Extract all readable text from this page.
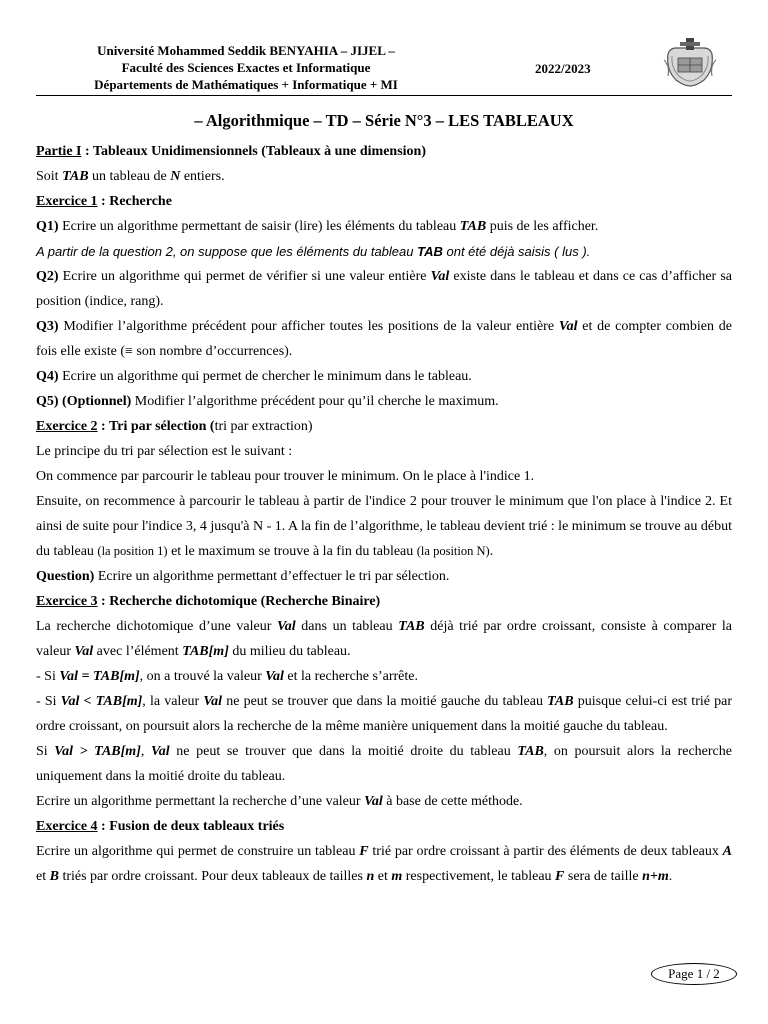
Université Mohammed Seddik BENYAHIA – JIJEL –
Faculté des Sciences Exactes et Informatique
Départements de Mathématiques + Informatique + MI
2022/2023
– Algorithmique – TD – Série N°3 – LES TABLEAUX

Partie I : Tableaux Unidimensionnels (Tableaux à une dimension)

Soit TAB un tableau de N entiers.

Exercice 1 : Recherche

Q1) Ecrire un algorithme permettant de saisir (lire) les éléments du tableau TAB puis de les afficher.

A partir de la question 2, on suppose que les éléments du tableau TAB ont été déjà saisis ( lus ).

Q2) Ecrire un algorithme qui permet de vérifier si une valeur entière Val existe dans le tableau et dans ce cas d’afficher sa position (indice, rang).

Q3) Modifier l’algorithme précédent pour afficher toutes les positions de la valeur entière Val et de compter combien de fois elle existe (≡ son nombre d’occurrences).

Q4) Ecrire un algorithme qui permet de chercher le minimum dans le tableau.

Q5) (Optionnel) Modifier l’algorithme précédent pour qu’il cherche le maximum.

Exercice 2 : Tri par sélection (tri par extraction)

Le principe du tri par sélection est le suivant :

On commence par parcourir le tableau pour trouver le minimum. On le place à l'indice 1.

Ensuite, on recommence à parcourir le tableau à partir de l'indice 2 pour trouver le minimum que l'on place à l'indice 2. Et ainsi de suite pour l'indice 3, 4 jusqu'à N - 1. A la fin de l’algorithme, le tableau devient trié : le minimum se trouve au début du tableau (la position 1) et le maximum se trouve à la fin du tableau (la position N).

Question) Ecrire un algorithme permettant d’effectuer le tri par sélection.

Exercice 3 : Recherche dichotomique (Recherche Binaire)

La recherche dichotomique d’une valeur Val dans un tableau TAB déjà trié par ordre croissant, consiste à comparer la valeur Val avec l’élément TAB[m] du milieu du tableau.

- Si Val = TAB[m], on a trouvé la valeur Val et la recherche s’arrête.

- Si Val < TAB[m], la valeur Val ne peut se trouver que dans la moitié gauche du tableau TAB puisque celui-ci est trié par ordre croissant, on poursuit alors la recherche de la même manière uniquement dans la moitié gauche du tableau.

Si Val > TAB[m], Val ne peut se trouver que dans la moitié droite du tableau TAB, on poursuit alors la recherche uniquement dans la moitié droite du tableau.

Ecrire un algorithme permettant la recherche d’une valeur Val à base de cette méthode.

Exercice 4 : Fusion de deux tableaux triés

Ecrire un algorithme qui permet de construire un tableau F trié par ordre croissant à partir des éléments de deux tableaux A et B triés par ordre croissant. Pour deux tableaux de tailles n et m respectivement, le tableau F sera de taille n+m.

Page 1 / 2
